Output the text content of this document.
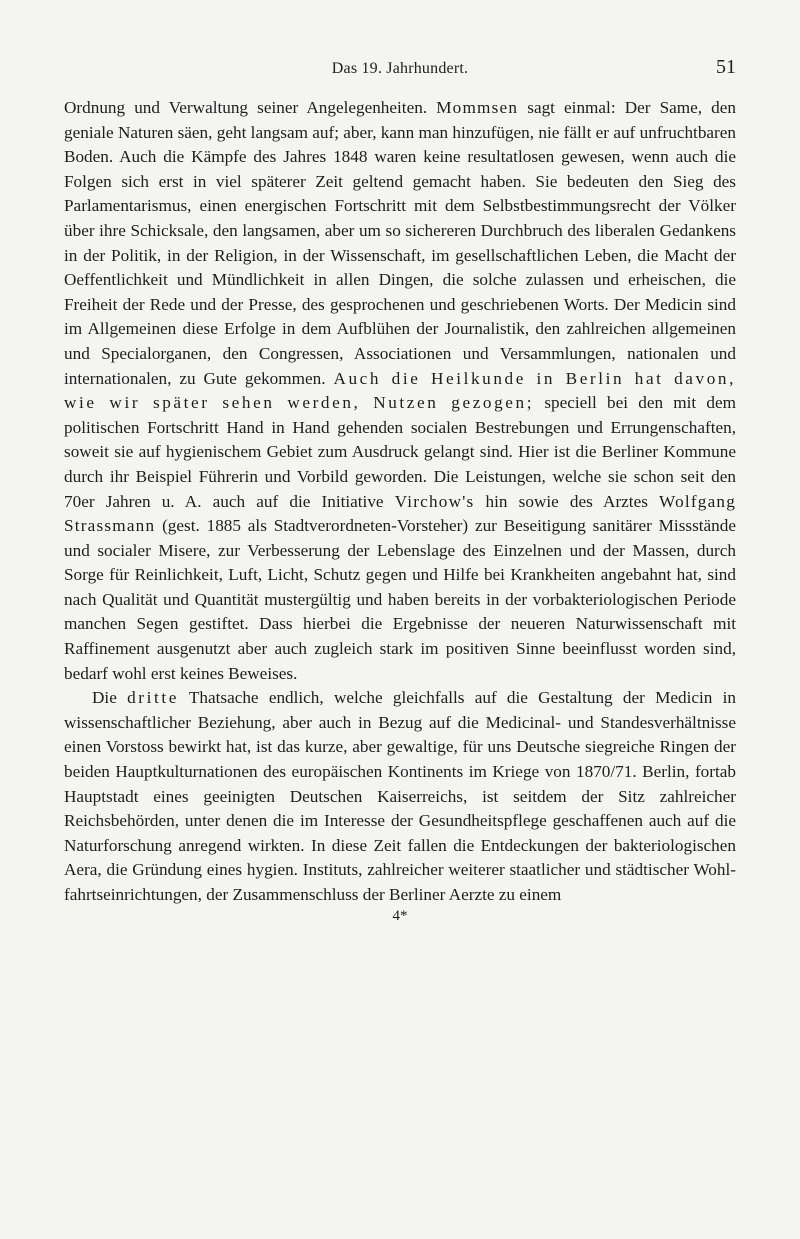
Das 19. Jahrhundert.	51

Ordnung und Verwaltung seiner Angelegenheiten. Mommsen sagt einmal: Der Same, den geniale Naturen säen, geht langsam auf; aber, kann man hinzufügen, nie fällt er auf unfruchtbaren Boden. Auch die Kämpfe des Jahres 1848 waren keine resultatlosen gewesen, wenn auch die Folgen sich erst in viel späterer Zeit geltend gemacht haben. Sie bedeuten den Sieg des Parlamentarismus, einen energischen Fortschritt mit dem Selbstbestimmungsrecht der Völker über ihre Schicksale, den langsamen, aber um so sichereren Durchbruch des liberalen Gedankens in der Politik, in der Religion, in der Wissenschaft, im gesellschaftlichen Leben, die Macht der Oeffentlichkeit und Mündlichkeit in allen Dingen, die solche zulassen und erheischen, die Freiheit der Rede und der Presse, des gesprochenen und geschriebenen Worts. Der Medicin sind im Allgemeinen diese Erfolge in dem Aufblühen der Journalistik, den zahlreichen allgemeinen und Specialorganen, den Congressen, Associationen und Versammlungen, nationalen und internationalen, zu Gute gekommen. Auch die Heilkunde in Berlin hat davon, wie wir später sehen werden, Nutzen gezogen; speciell bei den mit dem politischen Fortschritt Hand in Hand gehenden socialen Bestrebungen und Errungenschaften, soweit sie auf hygienischem Gebiet zum Ausdruck gelangt sind. Hier ist die Berliner Kommune durch ihr Beispiel Führerin und Vorbild geworden. Die Leistungen, welche sie schon seit den 70er Jahren u. A. auch auf die Initiative Virchow's hin sowie des Arztes Wolfgang Strassmann (gest. 1885 als Stadtverordneten-Vorsteher) zur Beseitigung sanitärer Missstände und socialer Misere, zur Verbesserung der Lebenslage des Einzelnen und der Massen, durch Sorge für Reinlichkeit, Luft, Licht, Schutz gegen und Hilfe bei Krankheiten angebahnt hat, sind nach Qualität und Quantität mustergültig und haben bereits in der vorbakteriologischen Periode manchen Segen gestiftet. Dass hierbei die Ergebnisse der neueren Naturwissenschaft mit Raffinement ausgenutzt aber auch zugleich stark im positiven Sinne beeinflusst worden sind, bedarf wohl erst keines Beweises.

Die dritte Thatsache endlich, welche gleichfalls auf die Gestaltung der Medicin in wissenschaftlicher Beziehung, aber auch in Bezug auf die Medicinal- und Standesverhältnisse einen Vorstoss bewirkt hat, ist das kurze, aber gewaltige, für uns Deutsche siegreiche Ringen der beiden Hauptkulturnationen des europäischen Kontinents im Kriege von 1870/71. Berlin, fortab Hauptstadt eines geeinigten Deutschen Kaiserreichs, ist seitdem der Sitz zahlreicher Reichsbehörden, unter denen die im Interesse der Gesundheitspflege geschaffenen auch auf die Naturforschung anregend wirkten. In diese Zeit fallen die Entdeckungen der bakteriologischen Aera, die Gründung eines hygien. Instituts, zahlreicher weiterer staatlicher und städtischer Wohlfahrtseinrichtungen, der Zusammenschluss der Berliner Aerzte zu einem

4*
